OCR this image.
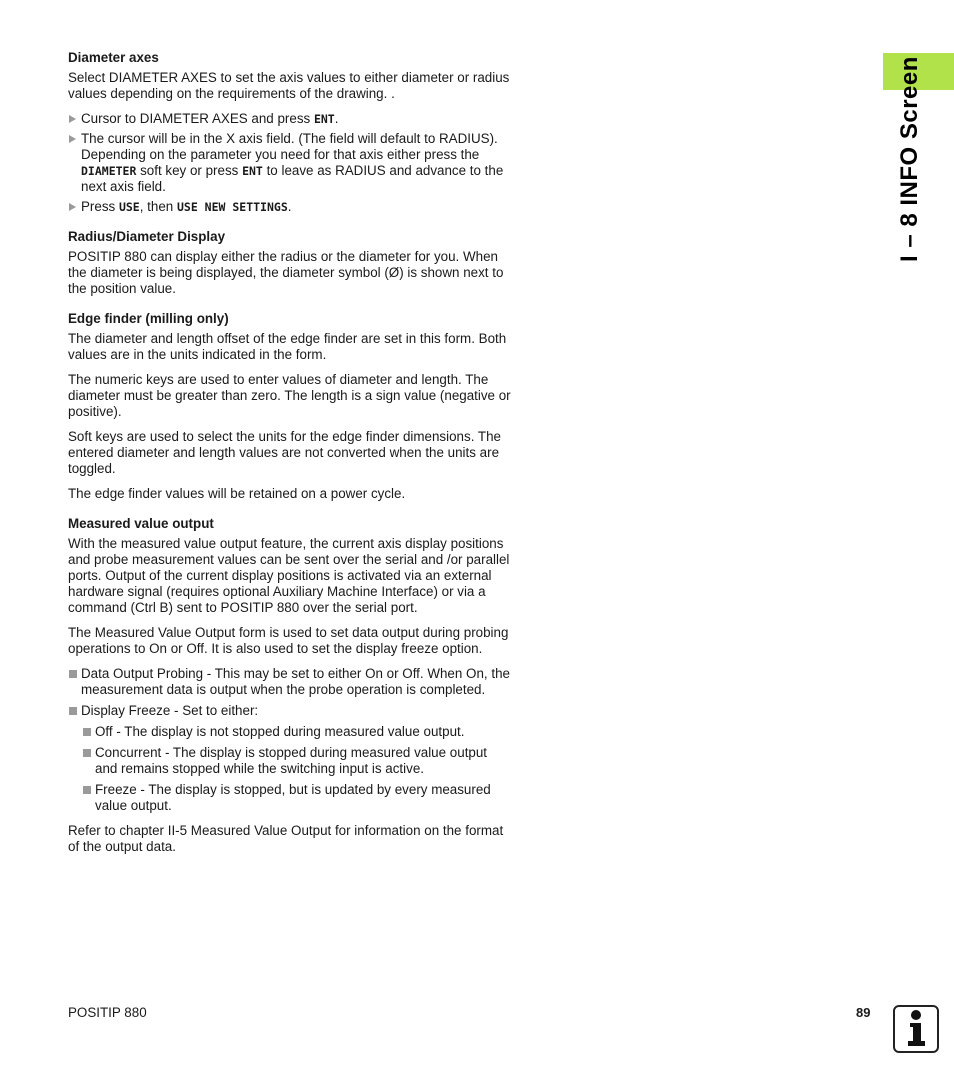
I – 8 INFO Screen
Diameter axes

Select DIAMETER AXES to set the axis values to either diameter or radius values depending on the requirements of the drawing. .

Cursor to DIAMETER AXES and press ENT.
The cursor will be in the X axis field. (The field will default to RADIUS). Depending on the parameter you need for that axis either press the DIAMETER soft key or press ENT to leave as RADIUS and advance to the next axis field.
Press USE, then USE NEW SETTINGS.
Radius/Diameter Display

POSITIP 880 can display either the radius or the diameter for you. When the diameter is being displayed, the diameter symbol (Ø) is shown next to the position value.

Edge finder (milling only)

The diameter and length offset of the edge finder are set in this form. Both values are in the units indicated in the form.

The numeric keys are used to enter values of diameter and length. The diameter must be greater than zero. The length is a sign value (negative or positive).

Soft keys are used to select the units for the edge finder dimensions. The entered diameter and length values are not converted when the units are toggled.

The edge finder values will be retained on a power cycle.

Measured value output

With the measured value output feature, the current axis display positions and probe measurement values can be sent over the serial and /or parallel ports. Output of the current display positions is activated via an external hardware signal (requires optional Auxiliary Machine Interface) or via a command (Ctrl B) sent to POSITIP 880 over the serial port.

The Measured Value Output form is used to set data output during probing operations to On or Off. It is also used to set the display freeze option.

Data Output Probing - This may be set to either On or Off. When On, the measurement data is output when the probe operation is completed.
Display Freeze - Set to either:
Off - The display is not stopped during measured value output.
Concurrent - The display is stopped during measured value output and remains stopped while the switching input is active.
Freeze - The display is stopped, but is updated by every measured value output.

Refer to chapter II-5 Measured Value Output for information on the format of the output data.

POSITIP 880	89
